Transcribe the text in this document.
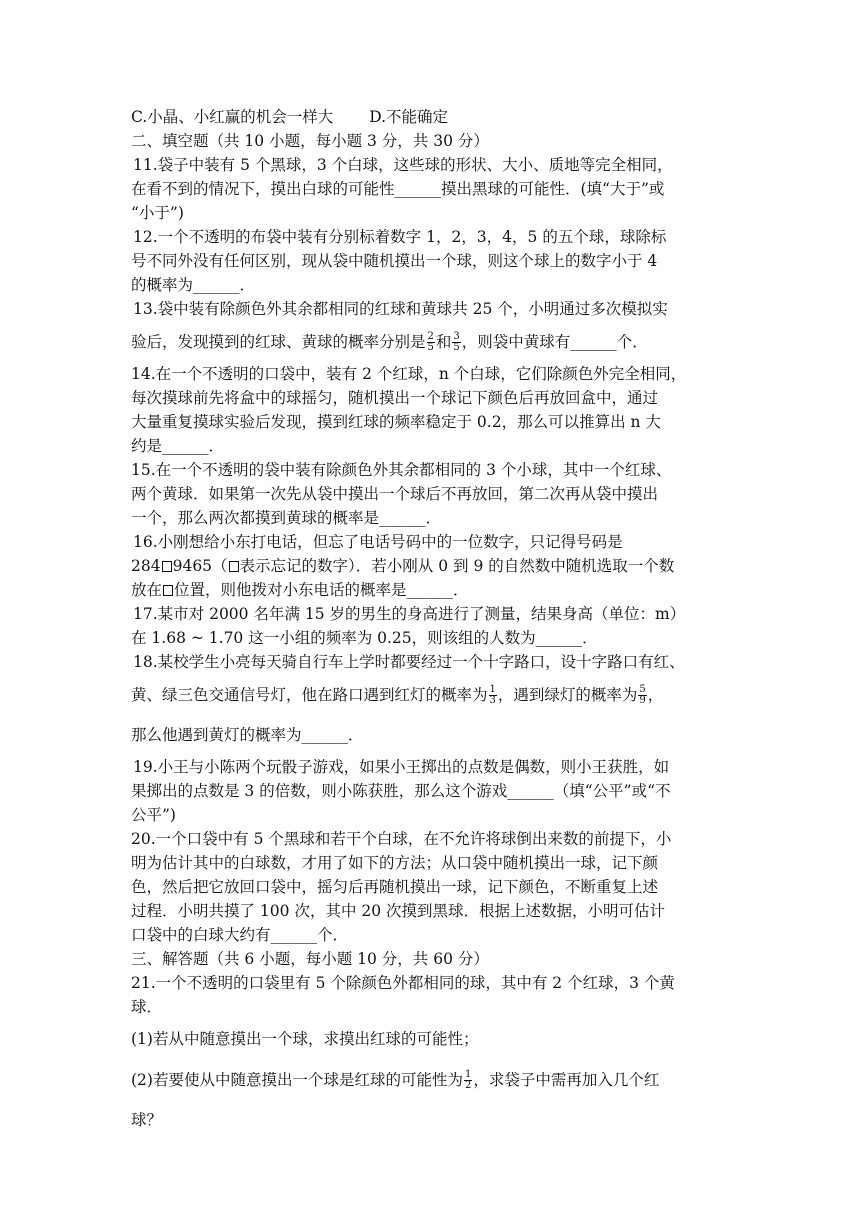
C.小晶、小红赢的机会一样大 D.不能确定
二、填空题（共 10 小题，每小题 3 分，共 30 分）
11.袋子中装有 5 个黑球，3 个白球，这些球的形状、大小、质地等完全相同，
在看不到的情况下，摸出白球的可能性______摸出黑球的可能性．(填“大于”或
“小于”)
12.一个不透明的布袋中装有分别标着数字 1，2，3，4，5 的五个球，球除标
号不同外没有任何区别，现从袋中随机摸出一个球，则这个球上的数字小于 4
的概率为______．
13.袋中装有除颜色外其余都相同的红球和黄球共 25 个，小明通过多次模拟实
验后，发现摸到的红球、黄球的概率分别是 $\frac{2}{5}$ 和 $\frac{3}{5}$ ，则袋中黄球有______个．
14.在一个不透明的口袋中，装有 2 个红球，n 个白球，它们除颜色外完全相同，
每次摸球前先将盒中的球摇匀，随机摸出一个球记下颜色后再放回盒中，通过
大量重复摸球实验后发现，摸到红球的频率稳定于 0.2，那么可以推算出 n 大
约是______．
15.在一个不透明的袋中装有除颜色外其余都相同的 3 个小球，其中一个红球、
两个黄球．如果第一次先从袋中摸出一个球后不再放回，第二次再从袋中摸出
一个，那么两次都摸到黄球的概率是______．
16.小刚想给小东打电话，但忘了电话号码中的一位数字，只记得号码是
284 9465（ 表示忘记的数字）．若小刚从 0 到 9 的自然数中随机选取一个数
放在 位置，则他拨对小东电话的概率是______．
17.某市对 2000 名年满 15 岁的男生的身高进行了测量，结果身高（单位：m）
在 1.68 ~ 1.70 这一小组的频率为 0.25，则该组的人数为______．
18.某校学生小亮每天骑自行车上学时都要经过一个十字路口，设十字路口有红、
黄、绿三色交通信号灯，他在路口遇到红灯的概率为 $\frac{1}{3}$ ，遇到绿灯的概率为 $\frac{5}{9}$ ，
那么他遇到黄灯的概率为______．
19.小王与小陈两个玩骰子游戏，如果小王掷出的点数是偶数，则小王获胜，如
果掷出的点数是 3 的倍数，则小陈获胜，那么这个游戏______（填“公平”或“不
公平”)
20.一个口袋中有 5 个黑球和若干个白球，在不允许将球倒出来数的前提下，小
明为估计其中的白球数，才用了如下的方法；从口袋中随机摸出一球，记下颜
色，然后把它放回口袋中，摇匀后再随机摸出一球，记下颜色，不断重复上述
过程．小明共摸了 100 次，其中 20 次摸到黑球．根据上述数据，小明可估计
口袋中的白球大约有______个．
三、解答题（共 6 小题，每小题 10 分，共 60 分）
21.一个不透明的口袋里有 5 个除颜色外都相同的球，其中有 2 个红球，3 个黄
球．
(1)若从中随意摸出一个球，求摸出红球的可能性；
(2)若要使从中随意摸出一个球是红球的可能性为 $\frac{1}{2}$ ，求袋子中需再加入几个红
球？
